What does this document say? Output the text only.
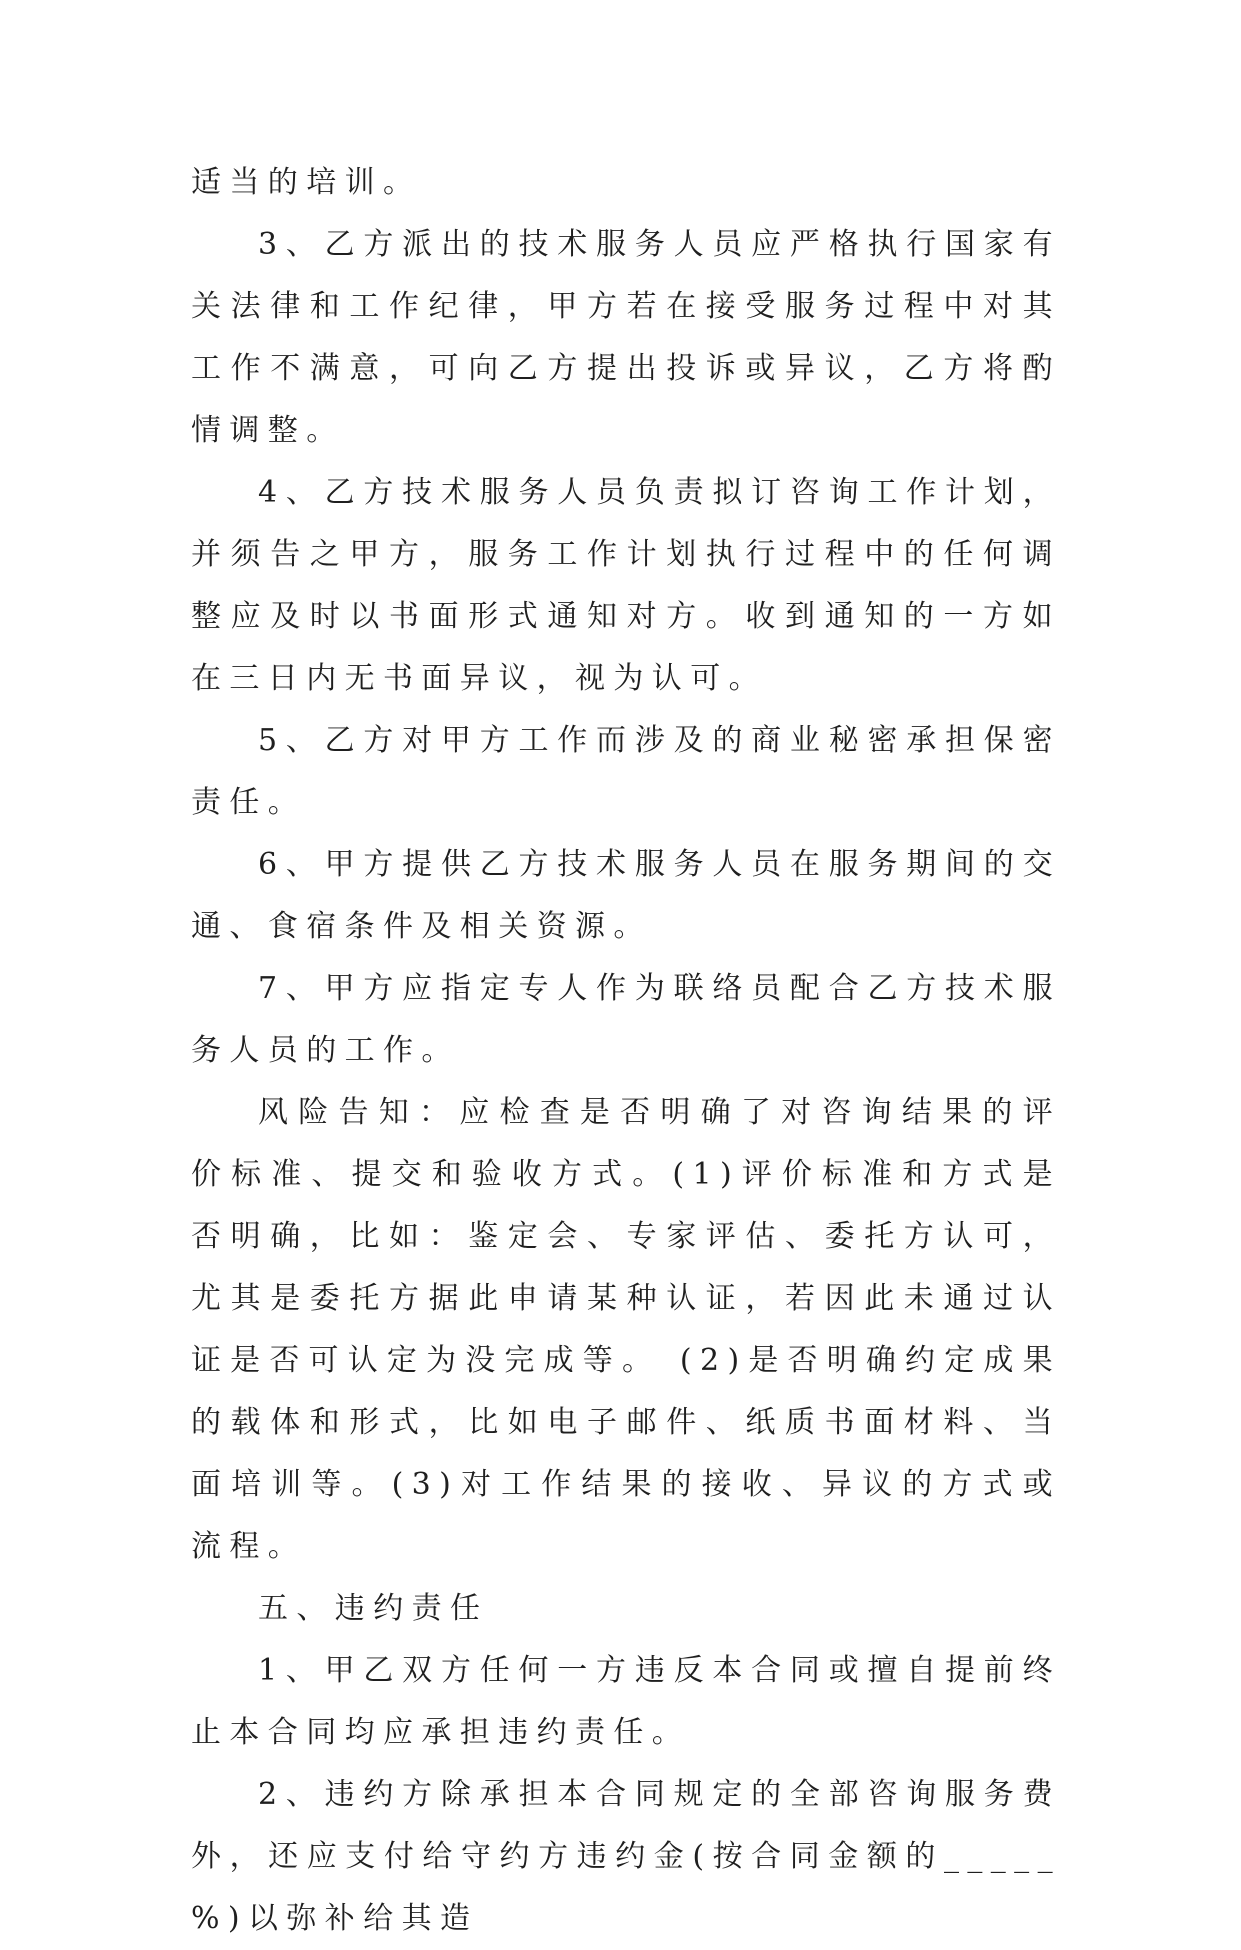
适当的培训。

3、乙方派出的技术服务人员应严格执行国家有关法律和工作纪律，甲方若在接受服务过程中对其工作不满意，可向乙方提出投诉或异议，乙方将酌情调整。

4、乙方技术服务人员负责拟订咨询工作计划，并须告之甲方，服务工作计划执行过程中的任何调整应及时以书面形式通知对方。收到通知的一方如在三日内无书面异议，视为认可。

5、乙方对甲方工作而涉及的商业秘密承担保密责任。

6、甲方提供乙方技术服务人员在服务期间的交通、食宿条件及相关资源。

7、甲方应指定专人作为联络员配合乙方技术服务人员的工作。

风险告知：应检查是否明确了对咨询结果的评价标准、提交和验收方式。(1)评价标准和方式是否明确，比如：鉴定会、专家评估、委托方认可，尤其是委托方据此申请某种认证，若因此未通过认证是否可认定为没完成等。 (2)是否明确约定成果的载体和形式，比如电子邮件、纸质书面材料、当面培训等。(3)对工作结果的接收、异议的方式或流程。

五、违约责任

1、甲乙双方任何一方违反本合同或擅自提前终止本合同均应承担违约责任。

2、违约方除承担本合同规定的全部咨询服务费外，还应支付给守约方违约金(按合同金额的_____%)以弥补给其造
